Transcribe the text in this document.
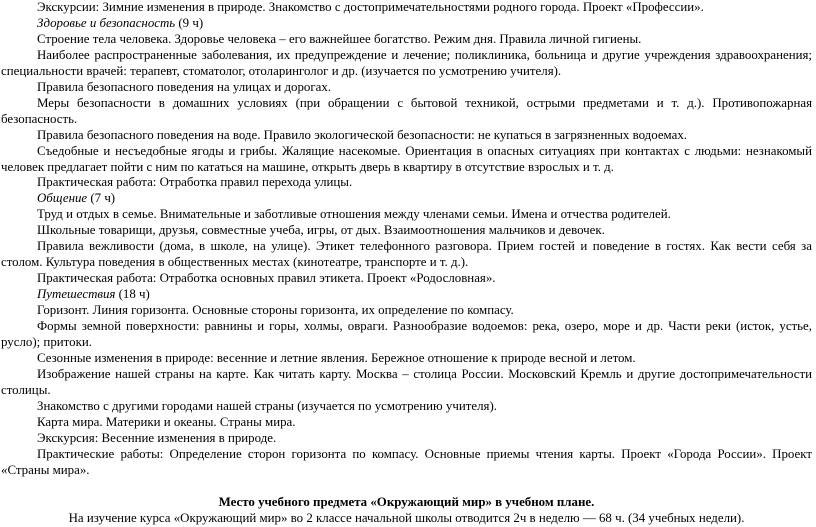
Экскурсии: Зимние изменения в природе. Знакомство с достопримечательностями родного города. Проект «Профессии».

Здоровье и безопасность (9 ч)

Строение тела человека. Здоровье человека – его важнейшее богатство. Режим дня. Правила личной гигиены.

Наиболее распространенные заболевания, их предупреждение и лечение; поликлиника, больница и другие учреждения здравоохранения; специальности врачей: терапевт, стоматолог, отоларинголог и др. (изучается по усмотрению учителя).

Правила безопасного поведения на улицах и дорогах.

Меры безопасности в домашних условиях (при обращении с бытовой техникой, острыми предметами и т. д.). Противопожарная безопасность.

Правила безопасного поведения на воде. Правило экологической безопасности: не купаться в загрязненных водоемах.

Съедобные и несъедобные ягоды и грибы. Жалящие насекомые. Ориентация в опасных ситуациях при контактах с людьми: незнакомый человек предлагает пойти с ним по кататься на машине, открыть дверь в квартиру в отсутствие взрослых и т. д.

Практическая работа: Отработка правил перехода улицы.

Общение (7 ч)

Труд и отдых в семье. Внимательные и заботливые отношения между членами семьи. Имена и отчества родителей.

Школьные товарищи, друзья, совместные учеба, игры, от дых. Взаимоотношения мальчиков и девочек.

Правила вежливости (дома, в школе, на улице). Этикет телефонного разговора. Прием гостей и поведение в гостях. Как вести себя за столом. Культура поведения в общественных местах (кинотеатре, транспорте и т. д.).

Практическая работа: Отработка основных правил этикета. Проект «Родословная».

Путешествия (18 ч)

Горизонт. Линия горизонта. Основные стороны горизонта, их определение по компасу.

Формы земной поверхности: равнины и горы, холмы, овраги. Разнообразие водоемов: река, озеро, море и др. Части реки (исток, устье, русло); притоки.

Сезонные изменения в природе: весенние и летние явления. Бережное отношение к природе весной и летом.

Изображение нашей страны на карте. Как читать карту. Москва – столица России. Московский Кремль и другие достопримечательности столицы.

Знакомство с другими городами нашей страны (изучается по усмотрению учителя).

Карта мира. Материки и океаны. Страны мира.

Экскурсия: Весенние изменения в природе.

Практические работы: Определение сторон горизонта по компасу. Основные приемы чтения карты. Проект «Города России». Проект «Страны мира».

Место учебного предмета «Окружающий мир» в учебном плане.

На изучение курса «Окружающий мир» во 2 классе начальной школы отводится 2ч в неделю — 68 ч. (34 учебных недели).
